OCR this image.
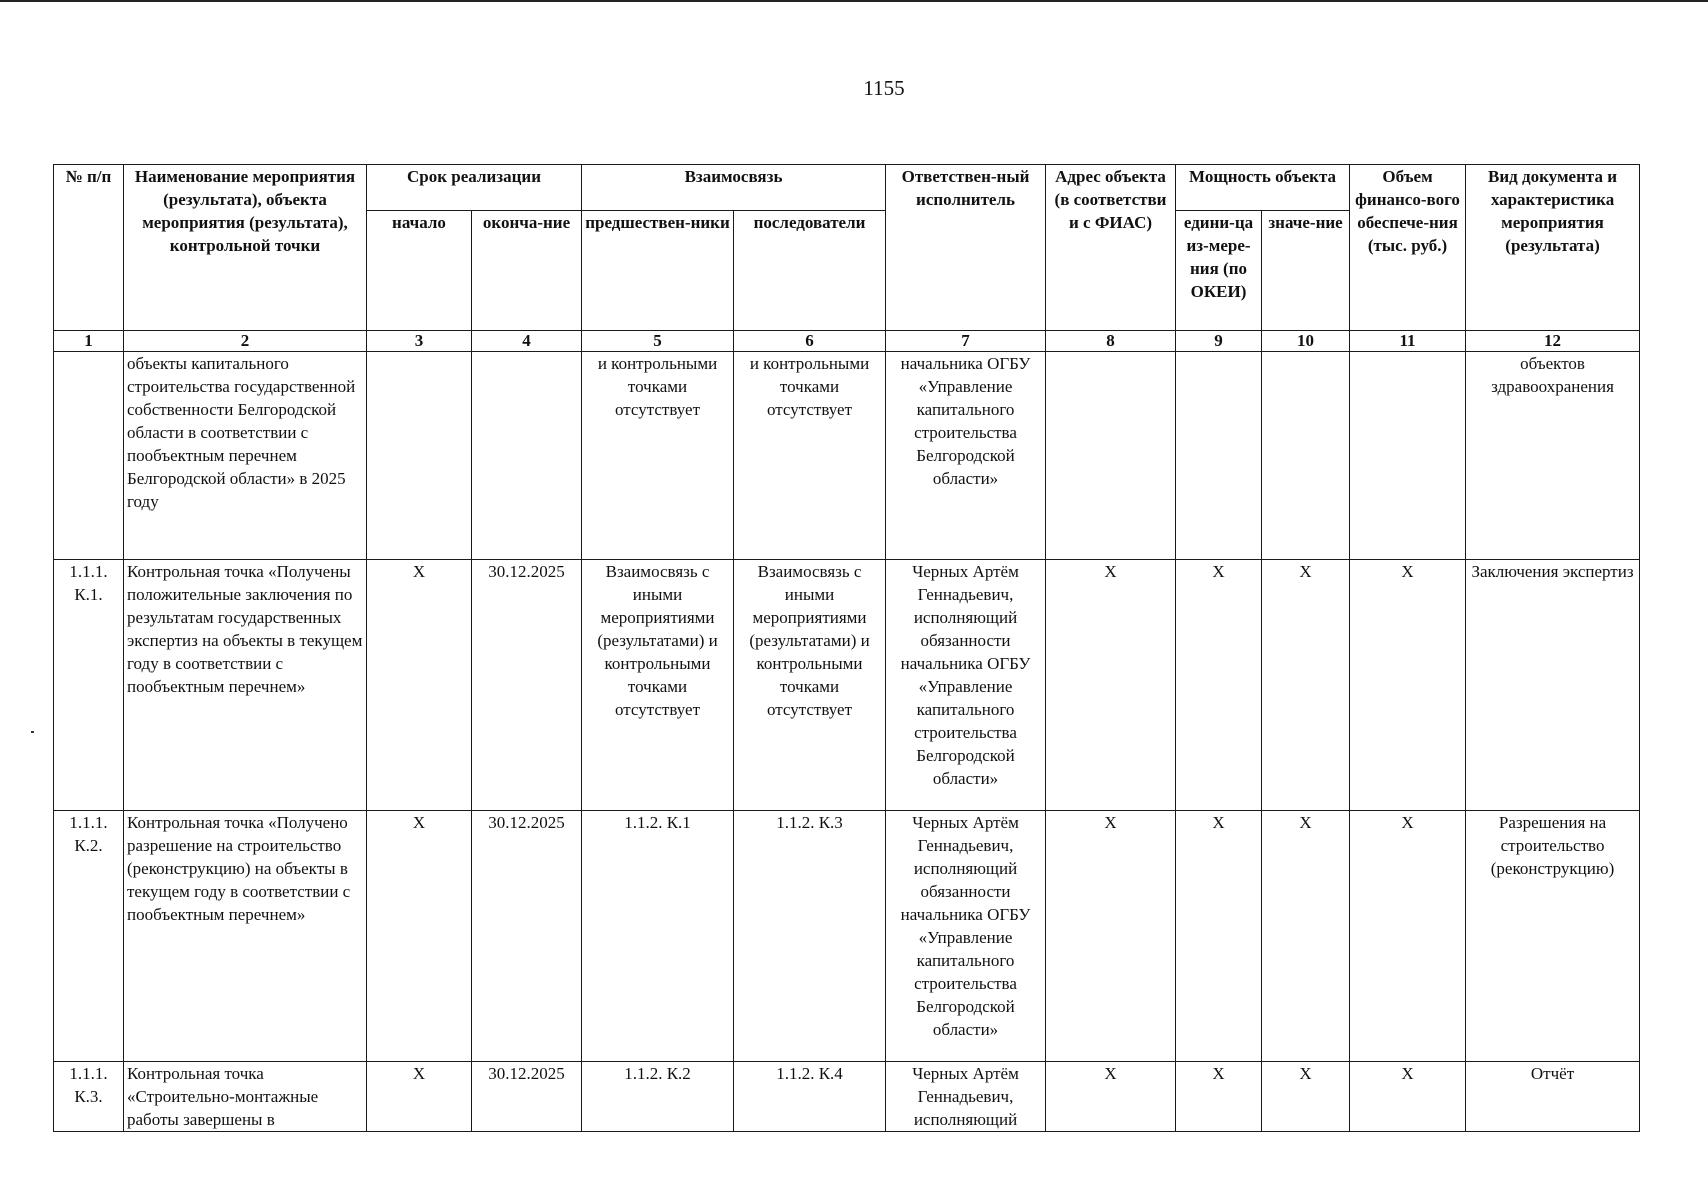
1155
№ п/п	Наименование мероприятия (результата), объекта мероприятия (результата), контрольной точки	Срок реализации		Взаимосвязь		Ответствен-ный исполнитель	Адрес объекта (в соответстви и с ФИАС)	Мощность объекта		Объем финансо-вого обеспече-ния (тыс. руб.)	Вид документа и характеристика мероприятия (результата)
		начало	оконча-ние	предшествен-ники	последователи			едини-ца из-мере-ния (по ОКЕИ)	значе-ние		
1	2	3	4	5	6	7	8	9	10	11	12
	объекты капитального строительства государственной собственности Белгородской области в соответствии с пообъектным перечнем Белгородской области» в 2025 году			и контрольными точками отсутствует	и контрольными точками отсутствует	начальника ОГБУ «Управление капитального строительства Белгородской области»					объектов здравоохранения
1.1.1. К.1.	Контрольная точка «Получены положительные заключения по результатам государственных экспертиз на объекты в текущем году в соответствии с пообъектным перечнем»	X	30.12.2025	Взаимосвязь с иными мероприятиями (результатами) и контрольными точками отсутствует	Взаимосвязь с иными мероприятиями (результатами) и контрольными точками отсутствует	Черных Артём Геннадьевич, исполняющий обязанности начальника ОГБУ «Управление капитального строительства Белгородской области»	X	X	X	X	Заключения экспертиз
1.1.1. К.2.	Контрольная точка «Получено разрешение на строительство (реконструкцию) на объекты в текущем году в соответствии с пообъектным перечнем»	X	30.12.2025	1.1.2. К.1	1.1.2. К.3	Черных Артём Геннадьевич, исполняющий обязанности начальника ОГБУ «Управление капитального строительства Белгородской области»	X	X	X	X	Разрешения на строительство (реконструкцию)
1.1.1. К.3.	Контрольная точка «Строительно-монтажные работы завершены в	X	30.12.2025	1.1.2. К.2	1.1.2. К.4	Черных Артём Геннадьевич, исполняющий	X	X	X	X	Отчёт
